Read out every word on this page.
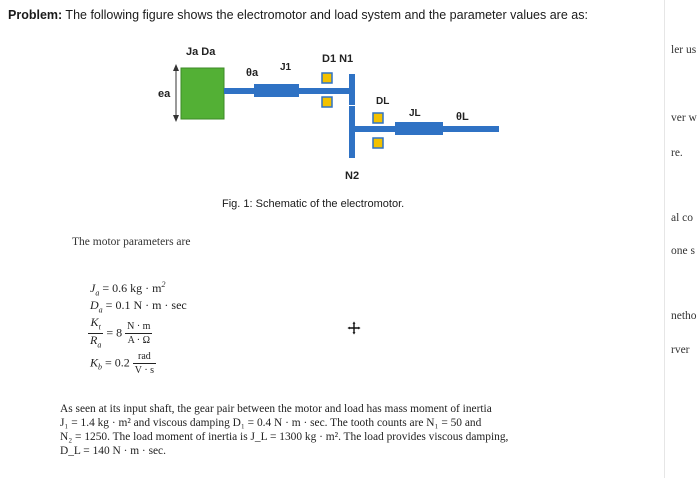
Problem: The following figure shows the electromotor and load system and the parameter values are as:
Ja Da
θa J1
D1 N1
ea
DL
JL	θL
N2
Fig. 1: Schematic of the electromotor.
The motor parameters are
$J_a = 0.6$ kg · $m^2$
$D_a = 0.1$ N · m · sec
$\frac{K_t}{R_a} = 8 \frac{N \cdot m}{A \cdot \Omega}$
$K_b = 0.2 \frac{\text{rad}}{V \cdot s}$
As seen at its input shaft, the gear pair between the motor and load has mass moment of inertia
J₁ = 1.4 kg · m² and viscous damping D₁ = 0.4 N · m · sec. The tooth counts are N₁ = 50 and
N₂ = 1250. The load moment of inertia is J_L = 1300 kg · m². The load provides viscous damping,
D_L = 140 N · m · sec.
ler us
ver w
re.
al co
one s
netho
rver
